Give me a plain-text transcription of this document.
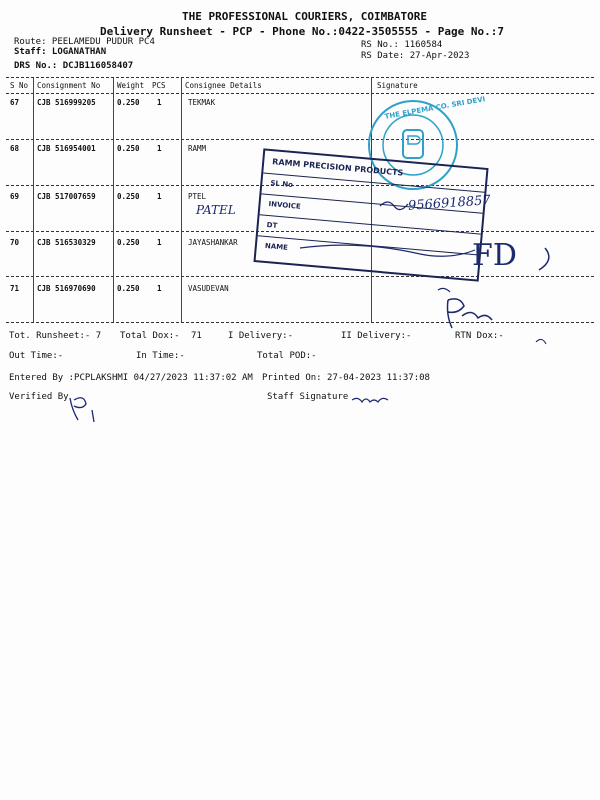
THE PROFESSIONAL COURIERS, COIMBATORE
Delivery Runsheet - PCP - Phone No.:0422-3505555 - Page No.:7
Route: PEELAMEDU PUDUR PC4
Staff: LOGANATHAN
DRS No.: DCJB116058407
RS No.: 1160584
RS Date: 27-Apr-2023
S No Consignment No Weight PCS	Consignee Details	Signature
67 CJB 516999205	0.250 1	TEKMAK
68 CJB 516954001	0.250 1	RAMM
69 CJB 517007659	0.250 1	PTEL
70 CJB 516530329	0.250 1	JAYASHANKAR
71 CJB 516970690	0.250 1	VASUDEVAN
Tot. Runsheet:- 7 Total Dox:- 71	I Delivery:-	II Delivery:-	RTN Dox:-
Out Time:-	In Time:-	Total POD:-
Entered By :PCPLAKSHMI 04/27/2023 11:37:02 AM Printed On: 27-04-2023 11:37:08
Verified By	Staff Signature
THE ELPEMA CO. SRI DEVI
RAMM PRECISION PRODUCTS
SL No
INVOICE
DT
NAME
PATEL	9566918857
FD
